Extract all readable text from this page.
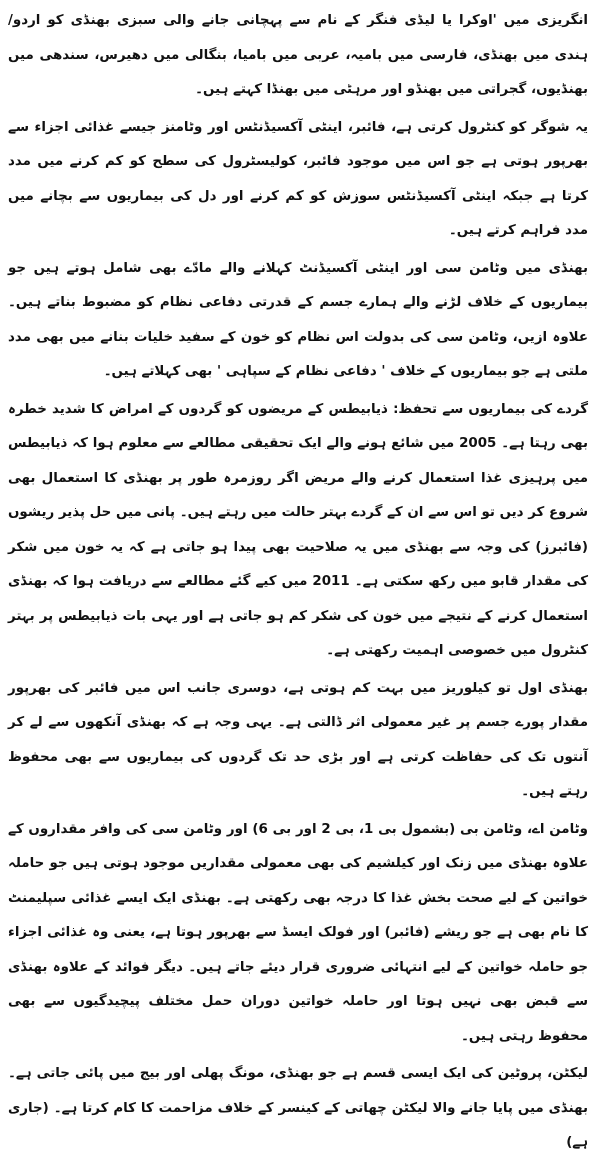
انگریزی میں 'اوکرا یا لیڈی فنگر کے نام سے پہچانی جانے والی سبزی بھنڈی کو اردو/ ہندی میں بھنڈی، فارسی میں بامیہ، عربی میں بامیا، بنگالی میں دھیرس، سندھی میں بھنڈیوں، گجراتی میں بھنڈو اور مرہٹی میں بھنڈا کہتے ہیں۔

یہ شوگر کو کنٹرول کرتی ہے، فائبر، اینٹی آکسیڈنٹس اور وٹامنز جیسے غذائی اجزاء سے بھرپور ہوتی ہے جو اس میں موجود فائبر، کولیسٹرول کی سطح کو کم کرنے میں مدد کرتا ہے جبکہ اینٹی آکسیڈنٹس سوزش کو کم کرنے اور دل کی بیماریوں سے بچانے میں مدد فراہم کرتے ہیں۔

بھنڈی میں وٹامن سی اور اینٹی آکسیڈنٹ کہلانے والے مادّے بھی شامل ہوتے ہیں جو بیماریوں کے خلاف لڑنے والے ہمارے جسم کے قدرتی دفاعی نظام کو مضبوط بناتے ہیں۔ علاوہ ازیں، وٹامن سی کی بدولت اس نظام کو خون کے سفید خلیات بنانے میں بھی مدد ملتی ہے جو بیماریوں کے خلاف ' دفاعی نظام کے سپاہی ' بھی کہلاتے ہیں۔

گردے کی بیماریوں سے تحفظ: ذیابیطس کے مریضوں کو گردوں کے امراض کا شدید خطرہ بھی رہتا ہے۔ 2005 میں شائع ہونے والے ایک تحقیقی مطالعے سے معلوم ہوا کہ ذیابیطس میں پرہیزی غذا استعمال کرنے والے مریض اگر روزمرہ طور پر بھنڈی کا استعمال بھی شروع کر دیں تو اس سے ان کے گردے بہتر حالت میں رہتے ہیں۔ پانی میں حل پذیر ریشوں (فائبرز) کی وجہ سے بھنڈی میں یہ صلاحیت بھی پیدا ہو جاتی ہے کہ یہ خون میں شکر کی مقدار قابو میں رکھ سکتی ہے۔ 2011 میں کیے گئے مطالعے سے دریافت ہوا کہ بھنڈی استعمال کرنے کے نتیجے میں خون کی شکر کم ہو جاتی ہے اور یہی بات ذیابیطس پر بہتر کنٹرول میں خصوصی اہمیت رکھتی ہے۔

بھنڈی اول تو کیلوریز میں بہت کم ہوتی ہے، دوسری جانب اس میں فائبر کی بھرپور مقدار پورے جسم پر غیر معمولی اثر ڈالتی ہے۔ یہی وجہ ہے کہ بھنڈی آنکھوں سے لے کر آنتوں تک کی حفاظت کرتی ہے اور بڑی حد تک گردوں کی بیماریوں سے بھی محفوظ رہتے ہیں۔

وٹامن اے، وٹامن بی (بشمول بی 1، بی 2 اور بی 6) اور وٹامن سی کی وافر مقداروں کے علاوہ بھنڈی میں زنک اور کیلشیم کی بھی معمولی مقداریں موجود ہوتی ہیں جو حاملہ خواتین کے لیے صحت بخش غذا کا درجہ بھی رکھتی ہے۔ بھنڈی ایک ایسے غذائی سپلیمنٹ کا نام بھی ہے جو ریشے (فائبر) اور فولک ایسڈ سے بھرپور ہوتا ہے، یعنی وہ غذائی اجزاء جو حاملہ خواتین کے لیے انتہائی ضروری قرار دیئے جاتے ہیں۔ دیگر فوائد کے علاوہ بھنڈی سے قبض بھی نہیں ہوتا اور حاملہ خواتین دوران حمل مختلف پیچیدگیوں سے بھی محفوظ رہتی ہیں۔

لیکٹن، پروٹین کی ایک ایسی قسم ہے جو بھنڈی، مونگ پھلی اور بیج میں پائی جاتی ہے۔ بھنڈی میں پایا جانے والا لیکٹن چھاتی کے کینسر کے خلاف مزاحمت کا کام کرتا ہے۔ (جاری ہے)
